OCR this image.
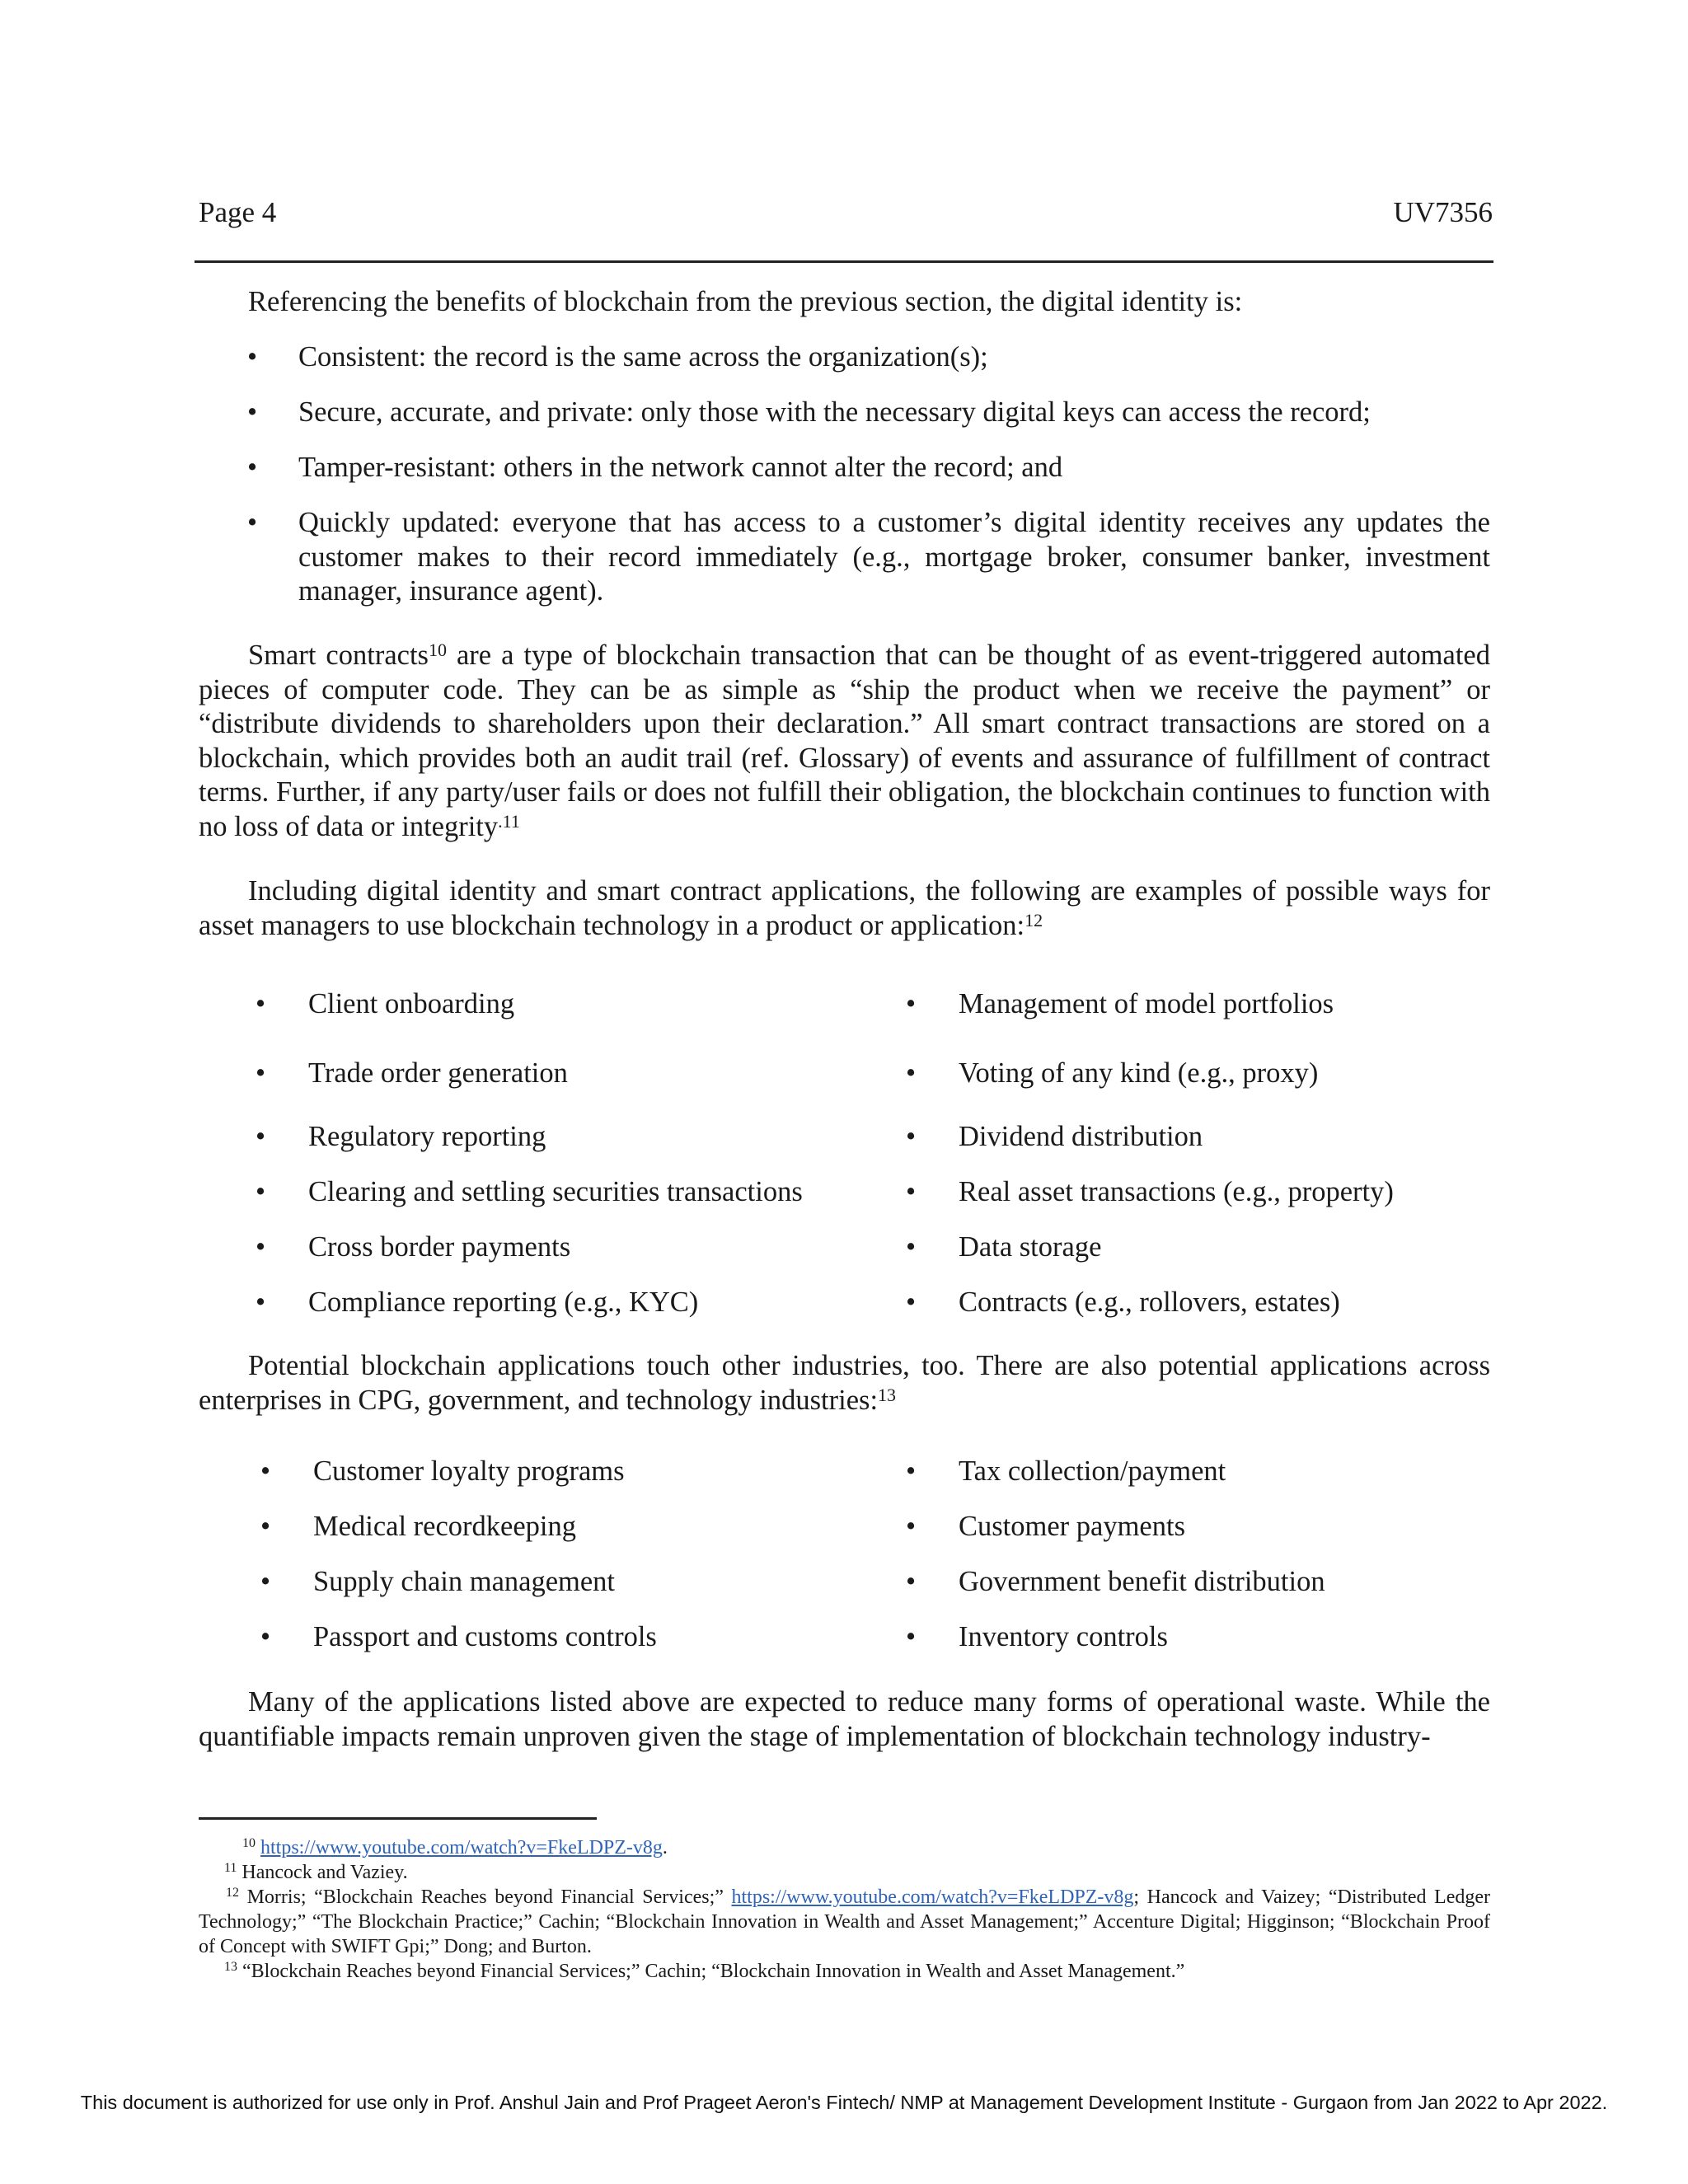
Page 4	UV7356
Referencing the benefits of blockchain from the previous section, the digital identity is:
• Consistent: the record is the same across the organization(s);
• Secure, accurate, and private: only those with the necessary digital keys can access the record;
• Tamper-resistant: others in the network cannot alter the record; and
• Quickly updated: everyone that has access to a customer’s digital identity receives any updates the customer makes to their record immediately (e.g., mortgage broker, consumer banker, investment manager, insurance agent).
Smart contracts$^{10}$ are a type of blockchain transaction that can be thought of as event-triggered automated pieces of computer code. They can be as simple as “ship the product when we receive the payment” or “distribute dividends to shareholders upon their declaration.” All smart contract transactions are stored on a blockchain, which provides both an audit trail (ref. Glossary) of events and assurance of fulfillment of contract terms. Further, if any party/user fails or does not fulfill their obligation, the blockchain continues to function with no loss of data or integrity$^{.11}$
Including digital identity and smart contract applications, the following are examples of possible ways for asset managers to use blockchain technology in a product or application:$^{12}$
• Client onboarding
• Trade order generation
• Regulatory reporting
• Clearing and settling securities transactions
• Cross border payments
• Compliance reporting (e.g., KYC)
• Management of model portfolios
• Voting of any kind (e.g., proxy)
• Dividend distribution
• Real asset transactions (e.g., property)
• Data storage
• Contracts (e.g., rollovers, estates)
Potential blockchain applications touch other industries, too. There are also potential applications across enterprises in CPG, government, and technology industries:$^{13}$
• Customer loyalty programs
• Medical recordkeeping
• Supply chain management
• Passport and customs controls
• Tax collection/payment
• Customer payments
• Government benefit distribution
• Inventory controls
Many of the applications listed above are expected to reduce many forms of operational waste. While the quantifiable impacts remain unproven given the stage of implementation of blockchain technology industry-
$^{10}$ https://www.youtube.com/watch?v=FkeLDPZ-v8g.
$^{11}$ Hancock and Vaziey.
$^{12}$ Morris; “Blockchain Reaches beyond Financial Services;” https://www.youtube.com/watch?v=FkeLDPZ-v8g; Hancock and Vaizey; “Distributed Ledger Technology;” “The Blockchain Practice;” Cachin; “Blockchain Innovation in Wealth and Asset Management;” Accenture Digital; Higginson; “Blockchain Proof of Concept with SWIFT Gpi;” Dong; and Burton.
$^{13}$ “Blockchain Reaches beyond Financial Services;” Cachin; “Blockchain Innovation in Wealth and Asset Management.”
This document is authorized for use only in Prof. Anshul Jain and Prof Prageet Aeron's Fintech/ NMP at Management Development Institute - Gurgaon from Jan 2022 to Apr 2022.
